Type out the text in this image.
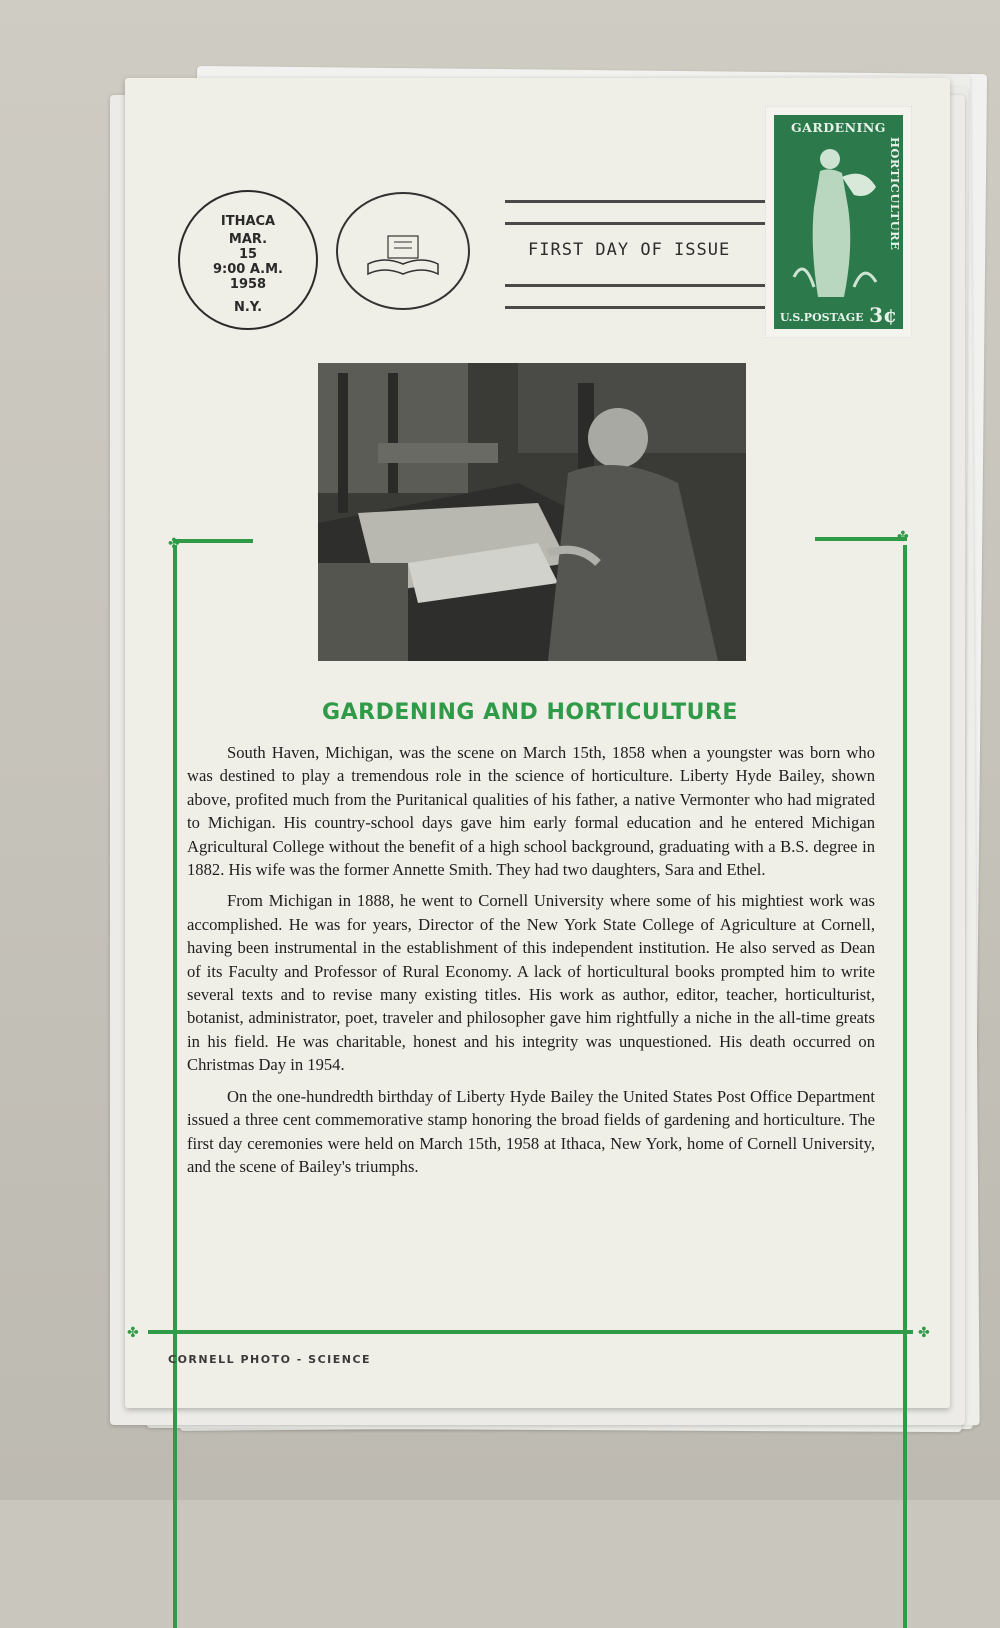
ITHACA
MAR.
15
9:00 A.M.
1958
N.Y.
FIRST DAY OF ISSUE
GARDENING
HORTICULTURE
U.S.POSTAGE 3¢
✤	✤
✤	✤
GARDENING AND HORTICULTURE

South Haven, Michigan, was the scene on March 15th, 1858 when a youngster was born who was destined to play a tremendous role in the science of horticulture. Liberty Hyde Bailey, shown above, profited much from the Puritanical qualities of his father, a native Vermonter who had migrated to Michigan. His country-school days gave him early formal education and he entered Michigan Agricultural College without the benefit of a high school background, graduating with a B.S. degree in 1882. His wife was the former Annette Smith. They had two daughters, Sara and Ethel.

From Michigan in 1888, he went to Cornell University where some of his mightiest work was accomplished. He was for years, Director of the New York State College of Agriculture at Cornell, having been instrumental in the establishment of this independent institution. He also served as Dean of its Faculty and Professor of Rural Economy. A lack of horticultural books prompted him to write several texts and to revise many existing titles. His work as author, editor, teacher, horticulturist, botanist, administrator, poet, traveler and philosopher gave him rightfully a niche in the all-time greats in his field. He was charitable, honest and his integrity was unquestioned. His death occurred on Christmas Day in 1954.

On the one-hundredth birthday of Liberty Hyde Bailey the United States Post Office Department issued a three cent commemorative stamp honoring the broad fields of gardening and horticulture. The first day ceremonies were held on March 15th, 1958 at Ithaca, New York, home of Cornell University, and the scene of Bailey's triumphs.

CORNELL PHOTO - SCIENCE
